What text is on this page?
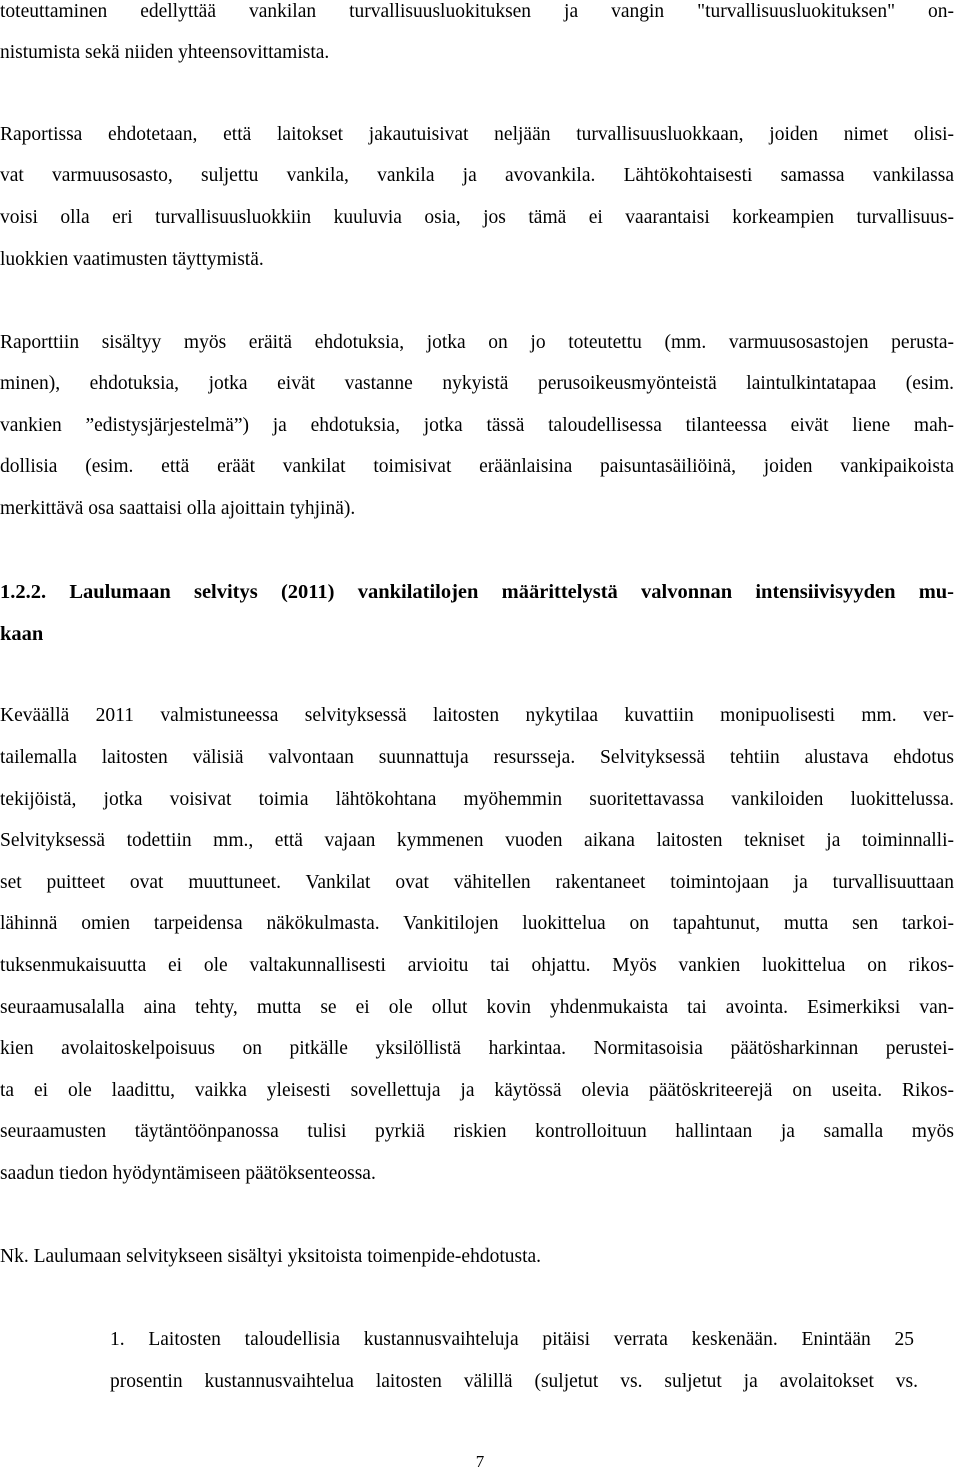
toteuttaminen edellyttää vankilan turvallisuusluokituksen ja vangin "turvallisuusluokituksen" on-

nistumista sekä niiden yhteensovittamista.

Raportissa ehdotetaan, että laitokset jakautuisivat neljään turvallisuusluokkaan, joiden nimet olisi-

vat varmuusosasto, suljettu vankila, vankila ja avovankila. Lähtökohtaisesti samassa vankilassa

voisi olla eri turvallisuusluokkiin kuuluvia osia, jos tämä ei vaarantaisi korkeampien turvallisuus-

luokkien vaatimusten täyttymistä.

Raporttiin sisältyy myös eräitä ehdotuksia, jotka on jo toteutettu (mm. varmuusosastojen perusta-

minen), ehdotuksia, jotka eivät vastanne nykyistä perusoikeusmyönteistä laintulkintatapaa (esim.

vankien ”edistysjärjestelmä”) ja ehdotuksia, jotka tässä taloudellisessa tilanteessa eivät liene mah-

dollisia (esim. että eräät vankilat toimisivat eräänlaisina paisuntasäiliöinä, joiden vankipaikoista

merkittävä osa saattaisi olla ajoittain tyhjinä).

1.2.2. Laulumaan selvitys (2011) vankilatilojen määrittelystä valvonnan intensiivisyyden mu-

kaan

Keväällä 2011 valmistuneessa selvityksessä laitosten nykytilaa kuvattiin monipuolisesti mm. ver-

tailemalla laitosten välisiä valvontaan suunnattuja resursseja. Selvityksessä tehtiin alustava ehdotus

tekijöistä, jotka voisivat toimia lähtökohtana myöhemmin suoritettavassa vankiloiden luokittelussa.

Selvityksessä todettiin mm., että vajaan kymmenen vuoden aikana laitosten tekniset ja toiminnalli-

set puitteet ovat muuttuneet. Vankilat ovat vähitellen rakentaneet toimintojaan ja turvallisuuttaan

lähinnä omien tarpeidensa näkökulmasta. Vankitilojen luokittelua on tapahtunut, mutta sen tarkoi-

tuksenmukaisuutta ei ole valtakunnallisesti arvioitu tai ohjattu. Myös vankien luokittelua on rikos-

seuraamusalalla aina tehty, mutta se ei ole ollut kovin yhdenmukaista tai avointa. Esimerkiksi van-

kien avolaitoskelpoisuus on pitkälle yksilöllistä harkintaa. Normitasoisia päätösharkinnan perustei-

ta ei ole laadittu, vaikka yleisesti sovellettuja ja käytössä olevia päätöskriteerejä on useita. Rikos-

seuraamusten täytäntöönpanossa tulisi pyrkiä riskien kontrolloituun hallintaan ja samalla myös

saadun tiedon hyödyntämiseen päätöksenteossa.

Nk. Laulumaan selvitykseen sisältyi yksitoista toimenpide-ehdotusta.

1. Laitosten taloudellisia kustannusvaihteluja pitäisi verrata keskenään. Enintään 25

prosentin kustannusvaihtelua laitosten välillä (suljetut vs. suljetut ja avolaitokset vs.

7
